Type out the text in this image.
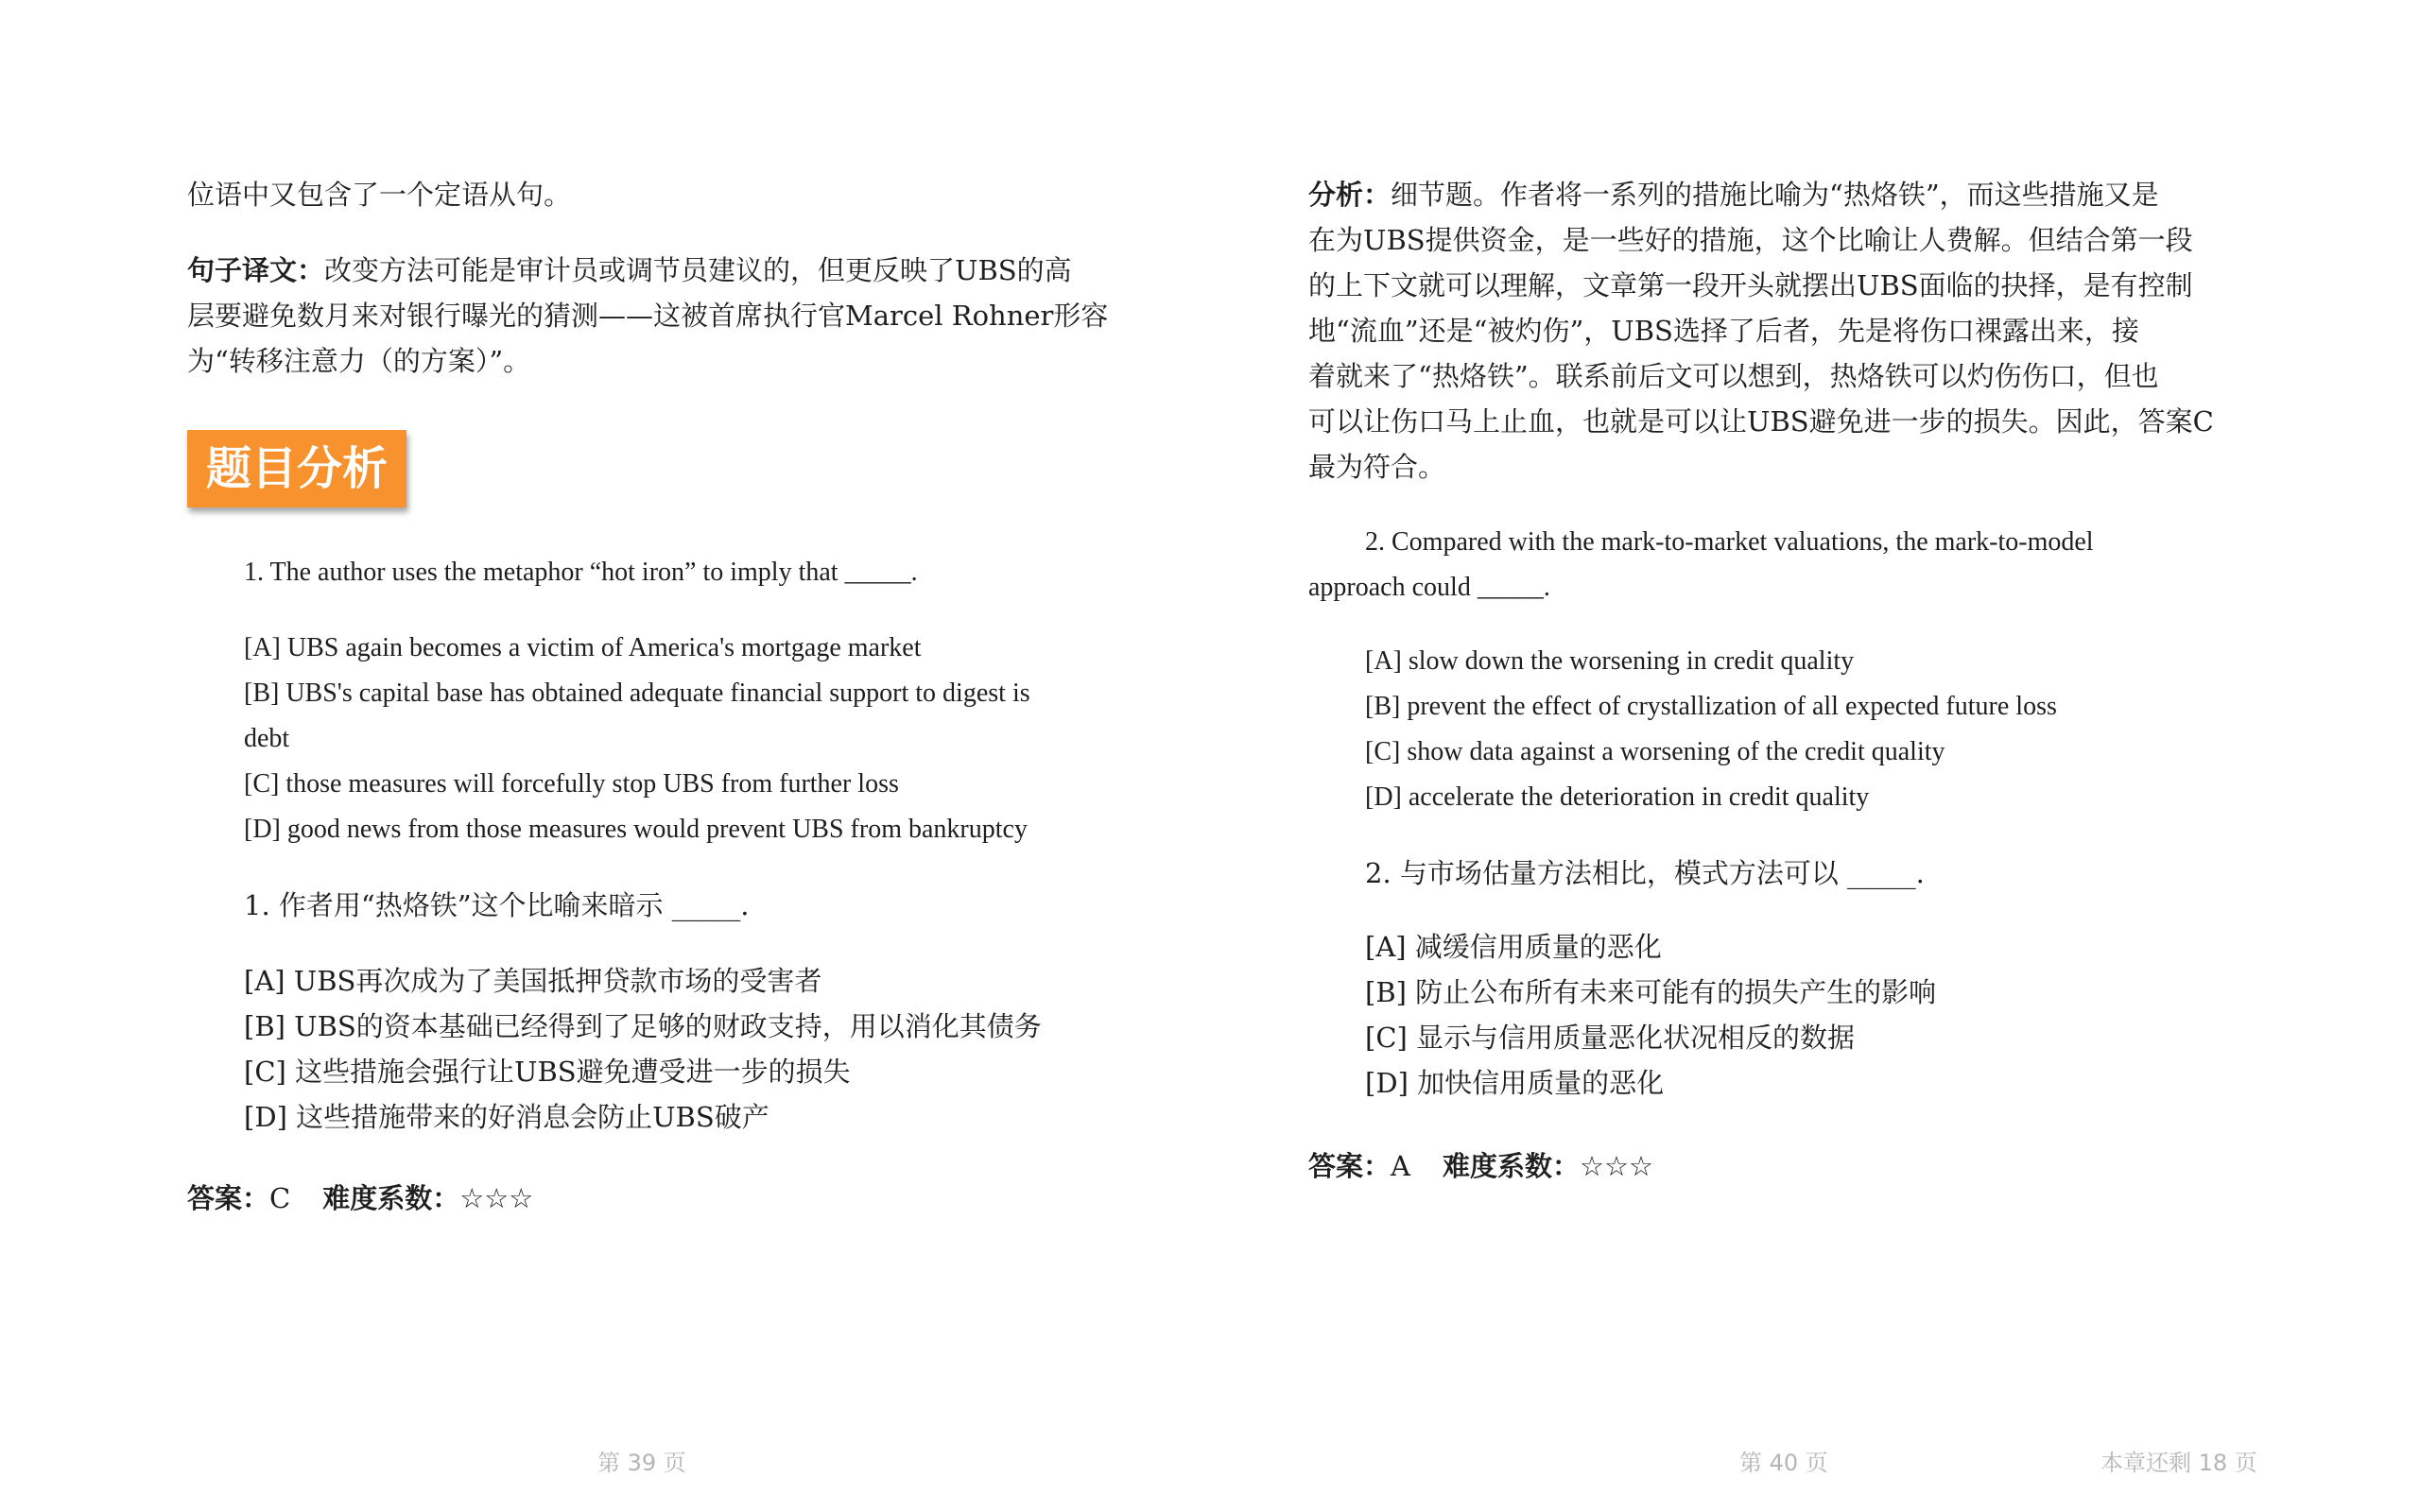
位语中又包含了一个定语从句。

句子译文：改变方法可能是审计员或调节员建议的，但更反映了UBS的高
层要避免数月来对银行曝光的猜测——这被首席执行官Marcel Rohner形容
为“转移注意力（的方案）”。

题目分析

1. The author uses the metaphor “hot iron” to imply that _____.

[A] UBS again becomes a victim of America's mortgage market
[B] UBS's capital base has obtained adequate financial support to digest is
debt
[C] those measures will forcefully stop UBS from further loss
[D] good news from those measures would prevent UBS from bankruptcy

1. 作者用“热烙铁”这个比喻来暗示 _____.

[A] UBS再次成为了美国抵押贷款市场的受害者
[B] UBS的资本基础已经得到了足够的财政支持，用以消化其债务
[C] 这些措施会强行让UBS避免遭受进一步的损失
[D] 这些措施带来的好消息会防止UBS破产

答案：C 难度系数：☆☆☆

分析：细节题。作者将一系列的措施比喻为“热烙铁”，而这些措施又是
在为UBS提供资金，是一些好的措施，这个比喻让人费解。但结合第一段
的上下文就可以理解，文章第一段开头就摆出UBS面临的抉择，是有控制
地“流血”还是“被灼伤”，UBS选择了后者，先是将伤口裸露出来，接
着就来了“热烙铁”。联系前后文可以想到，热烙铁可以灼伤伤口，但也
可以让伤口马上止血，也就是可以让UBS避免进一步的损失。因此，答案C
最为符合。

2. Compared with the mark-to-market valuations, the mark-to-model
approach could _____.

[A] slow down the worsening in credit quality
[B] prevent the effect of crystallization of all expected future loss
[C] show data against a worsening of the credit quality
[D] accelerate the deterioration in credit quality

2. 与市场估量方法相比，模式方法可以 _____.

[A] 减缓信用质量的恶化
[B] 防止公布所有未来可能有的损失产生的影响
[C] 显示与信用质量恶化状况相反的数据
[D] 加快信用质量的恶化

答案：A 难度系数：☆☆☆
第 39 页	第 40 页	本章还剩 18 页
